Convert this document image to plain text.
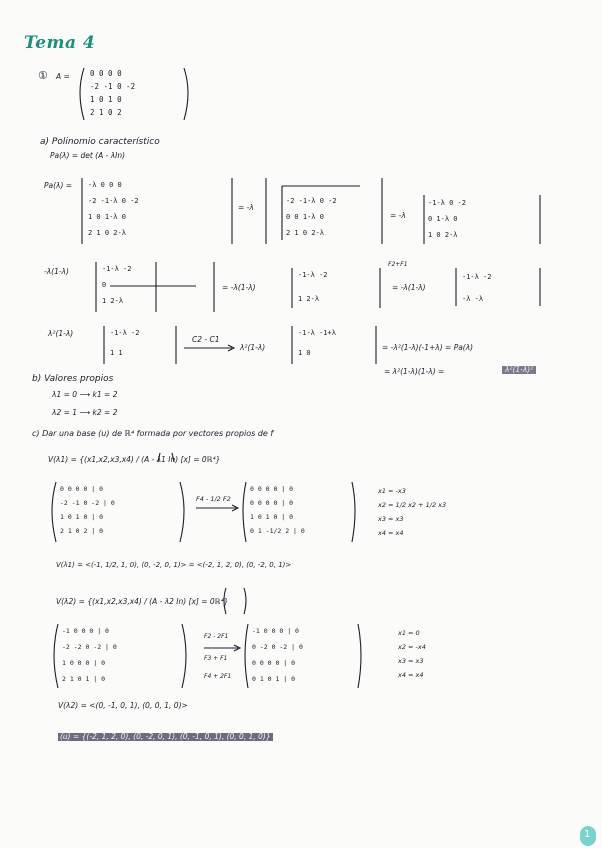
Tema 4
① A =	0 0 0 0
-2 -1 0 -2
1 0 1 0
2 1 0 2
a) Polinomio característico
Pa(λ) = det (A - λIn)
Pa(λ) = -λ 0 0 0
-2 -1-λ 0 -2
1 0 1-λ 0
2 1 0 2-λ
= -λ
-2 -1-λ 0 -2
0 0 1-λ 0
2 1 0 2-λ
= -λ
-1-λ 0 -2
0 1-λ 0
1 0 2-λ
-λ(1-λ)	-1-λ -2
0
1 2-λ
= -λ(1-λ)
-1-λ -2
1 2-λ
F2+F1
= -λ(1-λ)
-1-λ -2
-λ -λ
λ²(1-λ)	-1-λ -2
1 1
C2 - C1
λ²(1-λ)
-1-λ -1+λ
1 0
= -λ²(1-λ)(-1+λ) = Pa(λ)
= λ²(1-λ)(1-λ) =	λ²(1-λ)²
b) Valores propios
λ1 = 0 ⟶ k1 = 2
λ2 = 1 ⟶ k2 = 2
c) Dar una base (u) de ℝ⁴ formada por vectores propios de f
V(λ1) = {(x1,x2,x3,x4) / (A - λ1 In) [x] = 0ℝ⁴}
0 0 0 0 | 0
-2 -1 0 -2 | 0
1 0 1 0 | 0
2 1 0 2 | 0
F4 - 1/2 F2
0 0 0 0 | 0
0 0 0 0 | 0
1 0 1 0 | 0
0 1 -1/2 2 | 0
x1 = -x3
x2 = 1/2 x2 + 1/2 x3
x3 = x3
x4 = x4
V(λ1) = <(-1, 1/2, 1, 0), (0, -2, 0, 1)> = <(-2, 1, 2, 0), (0, -2, 0, 1)>
V(λ2) = {(x1,x2,x3,x4) / (A - λ2 In) [x] = 0ℝ⁴}
-1 0 0 0 | 0
-2 -2 0 -2 | 0
1 0 0 0 | 0
2 1 0 1 | 0
F2 - 2F1
F3 + F1
F4 + 2F1
-1 0 0 0 | 0
0 -2 0 -2 | 0
0 0 0 0 | 0
0 1 0 1 | 0
x1 = 0
x2 = -x4
x3 = x3
x4 = x4
V(λ2) = <(0, -1, 0, 1), (0, 0, 1, 0)>
(u) = {(-2, 1, 2, 0), (0, -2, 0, 1), (0, -1, 0, 1), (0, 0, 1, 0)}
1
